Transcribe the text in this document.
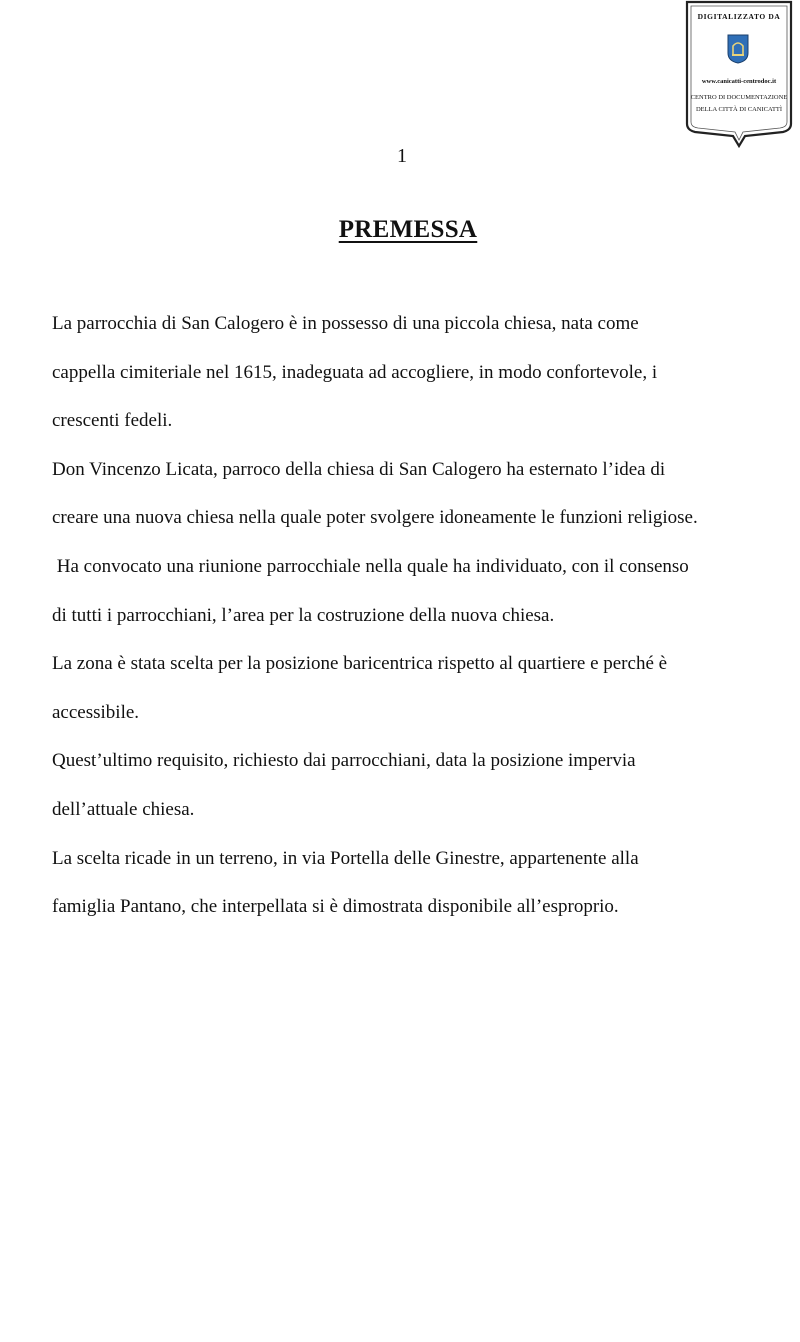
DIGITALIZZATO DA
www.canicatti-centrodoc.it
CENTRO DI DOCUMENTAZIONE
DELLA CITTÀ DI CANICATTÌ
1
PREMESSA
La parrocchia di San Calogero è in possesso di una piccola chiesa, nata come
cappella cimiteriale nel 1615, inadeguata ad accogliere, in modo confortevole, i
crescenti fedeli.
Don Vincenzo Licata, parroco della chiesa di San Calogero ha esternato l’idea di
creare una nuova chiesa nella quale poter svolgere idoneamente le funzioni religiose.
Ha convocato una riunione parrocchiale nella quale ha individuato, con il consenso
di tutti i parrocchiani, l’area per la costruzione della nuova chiesa.
La zona è stata scelta per la posizione baricentrica rispetto al quartiere e perché è
accessibile.
Quest’ultimo requisito, richiesto dai parrocchiani, data la posizione impervia
dell’attuale chiesa.
La scelta ricade in un terreno, in via Portella delle Ginestre, appartenente alla
famiglia Pantano, che interpellata si è dimostrata disponibile all’esproprio.
